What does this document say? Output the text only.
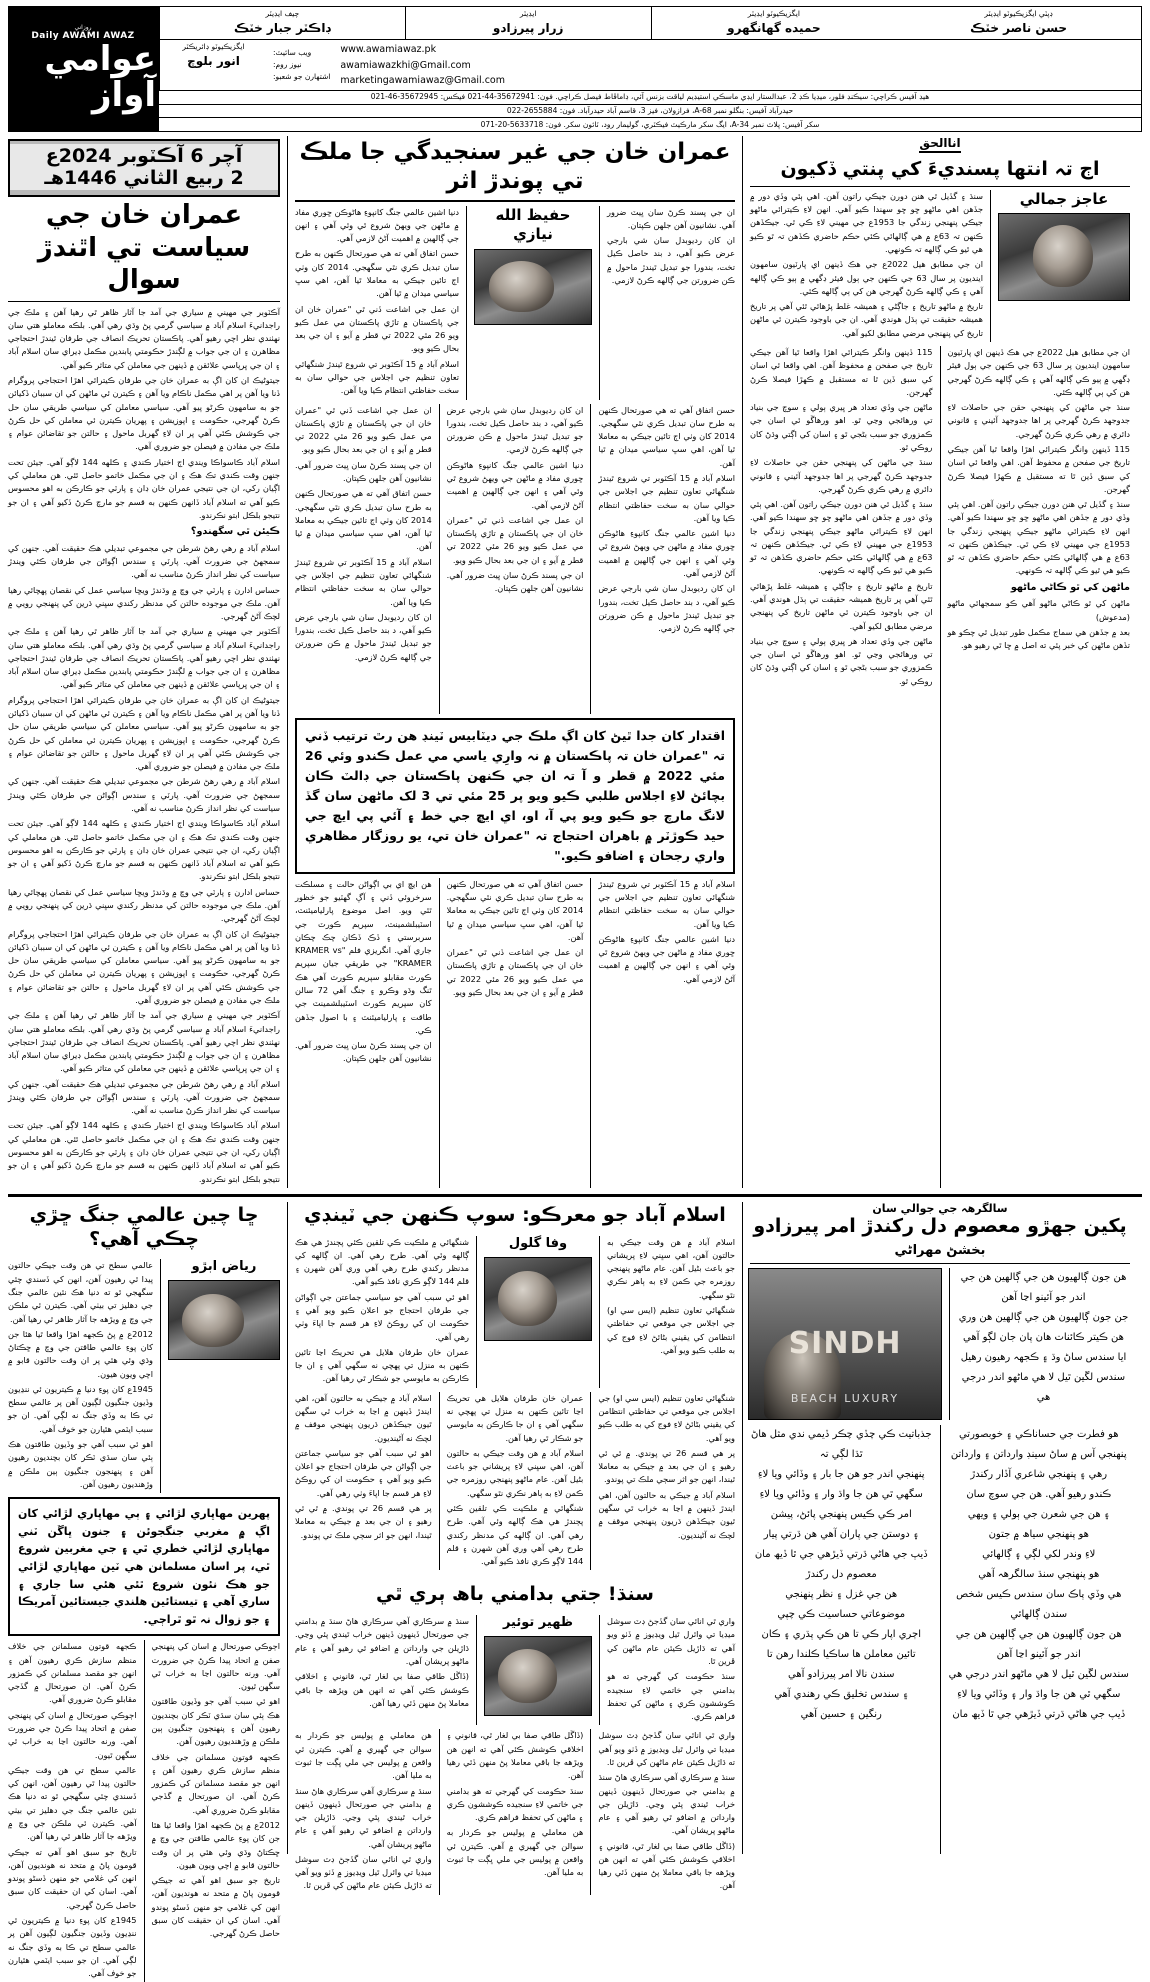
روزاني
Daily AWAMI AWAZ
عوامي آواز
چيف ايڊيٽر
ڊاڪٽر جبار خٽڪ
ايڊيٽر
زرار پيرزادو
ايگزيڪيوٽو ايڊيٽر
حميده گهانگهرو
ڊپٽي ايگزيڪيوٽو ايڊيٽر
حسن ناصر خٽڪ
ايگزيڪيوٽو ڊائريڪٽر
انور بلوچ
ويب سائيٽ:
نيوز روم:
اشتهارن جو شعبو:
www.awamiawaz.pk
awamiawazkhi@Gmail.com
marketingawamiawaz@Gmail.com
هيڊ آفيس ڪراچي: سيڪنڊ فلور، ميڊيا ڪڊ 2، عبدالستار ايڊي ماسڪي استيڊيم لياقت بزنس آئي، ڊاماڦاط فيصل ڪراچي. فون: 35672941-44-021 فيڪس: 35672945-46-021
حيدرآباد آفيس: بنگلو نمبر A-68، فرازولان، فيز 3، قاسم آباد حيدرآباد. فون: 2655884-022
سکر آفيس: پلاٽ نمبر A-34، ايگ سکر مارڪيٽ فيڪٽري، گوليمار رود، ٽائون سکر. فون: 5633718-20-071
آچر 6 آڪٽوبر 2024ع 2 ربيع الثاني 1446هـ
عمران خان جي سياست تي اٿندڙ سوال

آڪٽوبر جي مهيني ۾ سياري جي آمد جا آثار ظاهر ٿي رهيا آهن ۽ ملڪ جي راجدانيءَ اسلام آباد ۾ سياسي گرمي پڻ وڌي رهي آهي. بلڪه معاملو هتي سان نهٺندي نظر اچي رهيو آهي. پاڪستان تحريڪ انصاف جي طرفان ٿيندڙ احتجاجي مظاهرن ۽ ان جي جواب ۾ لڳندڙ حڪومتي پابندين مڪمل ڊيراي سان اسلام آباد ۽ ان جي ڀرپاسي علائقن ۾ ڏينهن جي معاملن کي متاثر ڪيو آهي.

جيتوڻيڪ ان کان اڳ به عمران خان جي طرفان ڪيترائي اهڙا احتجاجي پروگرام ڏنا ويا آهن پر اهي مڪمل ناڪام ويا آهن ۽ ڪيترن ئي ماڻهن کي ان سببان ڏکيائن جو به سامهون ڪرڻو پيو آهي. سياسي معاملن کي سياسي طريقي سان حل ڪرڻ گهرجي، حڪومت ۽ اپوزيشن ۽ پهريان ڪيترن ئي معاملن کي حل ڪرڻ جي ڪوشش ڪئي آهي پر ان لاءِ گهربل ماحول ۽ حالتن جو تقاضائن عوام ۽ ملڪ جي مفادن ۾ فيصلن جو ضروري آهي.

اسلام آباد ڪاسواڪا ويندي اڄ اختيار ڪندي ۽ ڪلهه 144 لاڳو آهي. جيئن تحت جنهن وقت ڪندي تڪ هڪ ۽ ان جي مڪمل خاتمو حاصل ٿئي. هن معاملي کي اڳيان رکي، ان جي نتيجي عمران خان ڊان ۽ پارٽي جو ڪارڪن به اهو محسوس ڪيو آهي ته اسلام آباد ڏانهن ڪنهن به قسم جو مارچ ڪرڻ ڏکيو آهي ۽ ان جو نتيجو بلڪل ابتو نڪرندو.

ڪيئن ٿي سگهندو؟

اسلام آباد ۾ رهي رهڻ شرطن جي مجموعي تبديلي هڪ حقيقت آهي. جنهن کي سمجهڻ جي ضرورت آهي. پارٽي ۽ سندس اڳواڻن جي طرفان ڪئي ويندڙ سياست کي نظر انداز ڪرڻ مناسب نه آهي.

حساس ادارن ۽ پارٽي جي وچ ۾ وڌندڙ ويڇا سياسي عمل کي نقصان پهچائي رهيا آهن. ملڪ جي موجوده حالتن کي مدنظر رکندي سڀني ڌرين کي پنهنجي رويي ۾ لچڪ آڻڻ گهرجي.

آڪٽوبر جي مهيني ۾ سياري جي آمد جا آثار ظاهر ٿي رهيا آهن ۽ ملڪ جي راجدانيءَ اسلام آباد ۾ سياسي گرمي پڻ وڌي رهي آهي. بلڪه معاملو هتي سان نهٺندي نظر اچي رهيو آهي. پاڪستان تحريڪ انصاف جي طرفان ٿيندڙ احتجاجي مظاهرن ۽ ان جي جواب ۾ لڳندڙ حڪومتي پابندين مڪمل ڊيراي سان اسلام آباد ۽ ان جي ڀرپاسي علائقن ۾ ڏينهن جي معاملن کي متاثر ڪيو آهي.

جيتوڻيڪ ان کان اڳ به عمران خان جي طرفان ڪيترائي اهڙا احتجاجي پروگرام ڏنا ويا آهن پر اهي مڪمل ناڪام ويا آهن ۽ ڪيترن ئي ماڻهن کي ان سببان ڏکيائن جو به سامهون ڪرڻو پيو آهي. سياسي معاملن کي سياسي طريقي سان حل ڪرڻ گهرجي، حڪومت ۽ اپوزيشن ۽ پهريان ڪيترن ئي معاملن کي حل ڪرڻ جي ڪوشش ڪئي آهي پر ان لاءِ گهربل ماحول ۽ حالتن جو تقاضائن عوام ۽ ملڪ جي مفادن ۾ فيصلن جو ضروري آهي.

اسلام آباد ۾ رهي رهڻ شرطن جي مجموعي تبديلي هڪ حقيقت آهي. جنهن کي سمجهڻ جي ضرورت آهي. پارٽي ۽ سندس اڳواڻن جي طرفان ڪئي ويندڙ سياست کي نظر انداز ڪرڻ مناسب نه آهي.

اسلام آباد ڪاسواڪا ويندي اڄ اختيار ڪندي ۽ ڪلهه 144 لاڳو آهي. جيئن تحت جنهن وقت ڪندي تڪ هڪ ۽ ان جي مڪمل خاتمو حاصل ٿئي. هن معاملي کي اڳيان رکي، ان جي نتيجي عمران خان ڊان ۽ پارٽي جو ڪارڪن به اهو محسوس ڪيو آهي ته اسلام آباد ڏانهن ڪنهن به قسم جو مارچ ڪرڻ ڏکيو آهي ۽ ان جو نتيجو بلڪل ابتو نڪرندو.

حساس ادارن ۽ پارٽي جي وچ ۾ وڌندڙ ويڇا سياسي عمل کي نقصان پهچائي رهيا آهن. ملڪ جي موجوده حالتن کي مدنظر رکندي سڀني ڌرين کي پنهنجي رويي ۾ لچڪ آڻڻ گهرجي.

جيتوڻيڪ ان کان اڳ به عمران خان جي طرفان ڪيترائي اهڙا احتجاجي پروگرام ڏنا ويا آهن پر اهي مڪمل ناڪام ويا آهن ۽ ڪيترن ئي ماڻهن کي ان سببان ڏکيائن جو به سامهون ڪرڻو پيو آهي. سياسي معاملن کي سياسي طريقي سان حل ڪرڻ گهرجي، حڪومت ۽ اپوزيشن ۽ پهريان ڪيترن ئي معاملن کي حل ڪرڻ جي ڪوشش ڪئي آهي پر ان لاءِ گهربل ماحول ۽ حالتن جو تقاضائن عوام ۽ ملڪ جي مفادن ۾ فيصلن جو ضروري آهي.

آڪٽوبر جي مهيني ۾ سياري جي آمد جا آثار ظاهر ٿي رهيا آهن ۽ ملڪ جي راجدانيءَ اسلام آباد ۾ سياسي گرمي پڻ وڌي رهي آهي. بلڪه معاملو هتي سان نهٺندي نظر اچي رهيو آهي. پاڪستان تحريڪ انصاف جي طرفان ٿيندڙ احتجاجي مظاهرن ۽ ان جي جواب ۾ لڳندڙ حڪومتي پابندين مڪمل ڊيراي سان اسلام آباد ۽ ان جي ڀرپاسي علائقن ۾ ڏينهن جي معاملن کي متاثر ڪيو آهي.

اسلام آباد ۾ رهي رهڻ شرطن جي مجموعي تبديلي هڪ حقيقت آهي. جنهن کي سمجهڻ جي ضرورت آهي. پارٽي ۽ سندس اڳواڻن جي طرفان ڪئي ويندڙ سياست کي نظر انداز ڪرڻ مناسب نه آهي.

اسلام آباد ڪاسواڪا ويندي اڄ اختيار ڪندي ۽ ڪلهه 144 لاڳو آهي. جيئن تحت جنهن وقت ڪندي تڪ هڪ ۽ ان جي مڪمل خاتمو حاصل ٿئي. هن معاملي کي اڳيان رکي، ان جي نتيجي عمران خان ڊان ۽ پارٽي جو ڪارڪن به اهو محسوس ڪيو آهي ته اسلام آباد ڏانهن ڪنهن به قسم جو مارچ ڪرڻ ڏکيو آهي ۽ ان جو نتيجو بلڪل ابتو نڪرندو.

عمران خان جي غير سنجيدگي جا ملڪ تي پوندڙ اثر

دنيا اشين عالمي جنگ کانپوءِ هاڻوڪن ڇوري مفاد ۾ ماڻهن جي ويهڻ شروع ٿي وئي آهي ۽ انهن جي ڳالهين ۾ اهميت آڻڻ لازمي آهي.

حسن اتفاق آهي ته هي صورتحال ڪنهن به طرح سان تبديل ڪري نٿي سگهجي. 2014 کان وٺي اڄ تائين جيڪي به معاملا ٿيا آهن، اهي سڀ سياسي ميدان ۾ ٿيا آهن.

ان عمل جي اشاعت ڏني ٿي "عمران خان ان جي پاڪستان ۾ تاڙي پاڪستان مي عمل ڪيو ويو 26 مئي 2022 تي قطر ۾ آيو ۽ ان جي بعد بحال ڪيو ويو.

اسلام آباد ۾ 15 آڪٽوبر تي شروع ٿيندڙ شنگهائي تعاون تنظيم جي اجلاس جي حوالي سان به سخت حفاظتي انتظام ڪيا ويا آهن.

حفيظ الله نيازي

ان جي پسند ڪرڻ سان ڀيٽ ضرور آهي. نشانيون آهن جلهن ڪپتان.

ان کان رديوبدل سان شي بارجي عرض ڪيو آهي، د بند حاصل ڪيل تخت، بندورا جو تبديل ٿيندڙ ماحول ۾ ڪن ضرورتن جي ڳالهه ڪرڻ لازمي.

ان عمل جي اشاعت ڏني ٿي "عمران خان ان جي پاڪستان ۾ تاڙي پاڪستان مي عمل ڪيو ويو 26 مئي 2022 تي قطر ۾ آيو ۽ ان جي بعد بحال ڪيو ويو.

ان جي پسند ڪرڻ سان ڀيٽ ضرور آهي. نشانيون آهن جلهن ڪپتان.

حسن اتفاق آهي ته هي صورتحال ڪنهن به طرح سان تبديل ڪري نٿي سگهجي. 2014 کان وٺي اڄ تائين جيڪي به معاملا ٿيا آهن، اهي سڀ سياسي ميدان ۾ ٿيا آهن.

اسلام آباد ۾ 15 آڪٽوبر تي شروع ٿيندڙ شنگهائي تعاون تنظيم جي اجلاس جي حوالي سان به سخت حفاظتي انتظام ڪيا ويا آهن.

ان کان رديوبدل سان شي بارجي عرض ڪيو آهي، د بند حاصل ڪيل تخت، بندورا جو تبديل ٿيندڙ ماحول ۾ ڪن ضرورتن جي ڳالهه ڪرڻ لازمي.

ان کان رديوبدل سان شي بارجي عرض ڪيو آهي، د بند حاصل ڪيل تخت، بندورا جو تبديل ٿيندڙ ماحول ۾ ڪن ضرورتن جي ڳالهه ڪرڻ لازمي.

دنيا اشين عالمي جنگ کانپوءِ هاڻوڪن ڇوري مفاد ۾ ماڻهن جي ويهڻ شروع ٿي وئي آهي ۽ انهن جي ڳالهين ۾ اهميت آڻڻ لازمي آهي.

ان عمل جي اشاعت ڏني ٿي "عمران خان ان جي پاڪستان ۾ تاڙي پاڪستان مي عمل ڪيو ويو 26 مئي 2022 تي قطر ۾ آيو ۽ ان جي بعد بحال ڪيو ويو.

ان جي پسند ڪرڻ سان ڀيٽ ضرور آهي. نشانيون آهن جلهن ڪپتان.

حسن اتفاق آهي ته هي صورتحال ڪنهن به طرح سان تبديل ڪري نٿي سگهجي. 2014 کان وٺي اڄ تائين جيڪي به معاملا ٿيا آهن، اهي سڀ سياسي ميدان ۾ ٿيا آهن.

اسلام آباد ۾ 15 آڪٽوبر تي شروع ٿيندڙ شنگهائي تعاون تنظيم جي اجلاس جي حوالي سان به سخت حفاظتي انتظام ڪيا ويا آهن.

دنيا اشين عالمي جنگ کانپوءِ هاڻوڪن ڇوري مفاد ۾ ماڻهن جي ويهڻ شروع ٿي وئي آهي ۽ انهن جي ڳالهين ۾ اهميت آڻڻ لازمي آهي.

ان کان رديوبدل سان شي بارجي عرض ڪيو آهي، د بند حاصل ڪيل تخت، بندورا جو تبديل ٿيندڙ ماحول ۾ ڪن ضرورتن جي ڳالهه ڪرڻ لازمي.

اقتدار کان جدا ٿيڻ کان اڳ ملڪ جي ديٽابيس ٽينڊ هن رٿ ترتيب ڏني تہ "عمران خان تہ پاڪستان ۾ نہ وارِي ياسي مي عمل ڪندو وئي 26 مئي 2022 ۾ قطر و آ تہ ان جي ڪنهن پاڪستان جي ڊالٽ ڪان بچائڻ لاءِ اجلاس طلبي ڪيو ويو پر 25 مئي تي 3 لک ماڻهن سان گڏ لانگ مارچ جو ڪيو ويو پي آ، او، اي ايڇ جي خط ۽ آئي پي ايڇ جي حيد ڪوڙٽر ۾ باهران احتجاج تہ "عمران خان تي، يو روزگار مظاهري واري رجحان ۽ اضافو ڪيو."

هن ايڇ اي بي اڳواڻن حالت ۽ مسلڪت سرخروئي ڏني ۽ آڳ گهٽيو جو خظور ٿئي ويو. اصل موضوع پارلياميئنٽ، اسٽيبلشمينٽ، سپريم ڪورٽ جي سربرستي ۽ ڏڪ ڏڪان چڪ چڪان جاري آهي. انگريزي فلم "KRAMER vs KRAMER" جي طريقي جيان سپريم ڪورٽ مقابلو سپريم ڪورٽ آهي هڪ ٿنگ وڌو وڪرو ۽ جنگ آهي 72 سالن کان سپريم ڪورٽ اسٽيبلشمينٽ جي طاقت ۽ پارلياميئنٽ ۽ با اصول جڏهن ڪي.

ان جي پسند ڪرڻ سان ڀيٽ ضرور آهي. نشانيون آهن جلهن ڪپتان.

حسن اتفاق آهي ته هي صورتحال ڪنهن به طرح سان تبديل ڪري نٿي سگهجي. 2014 کان وٺي اڄ تائين جيڪي به معاملا ٿيا آهن، اهي سڀ سياسي ميدان ۾ ٿيا آهن.

ان عمل جي اشاعت ڏني ٿي "عمران خان ان جي پاڪستان ۾ تاڙي پاڪستان مي عمل ڪيو ويو 26 مئي 2022 تي قطر ۾ آيو ۽ ان جي بعد بحال ڪيو ويو.

اسلام آباد ۾ 15 آڪٽوبر تي شروع ٿيندڙ شنگهائي تعاون تنظيم جي اجلاس جي حوالي سان به سخت حفاظتي انتظام ڪيا ويا آهن.

دنيا اشين عالمي جنگ کانپوءِ هاڻوڪن ڇوري مفاد ۾ ماڻهن جي ويهڻ شروع ٿي وئي آهي ۽ انهن جي ڳالهين ۾ اهميت آڻڻ لازمي آهي.

اناالحق
اڄ تہ انتها پسنديءَ کي پنتي ڏکيون

سنڌ ۽ گڏيل ٿي هنن دورن جيڪي راتون آهن. اهي ٻئي وڏي دور ۾ جڏهن اهي ماڻهو ڇو ڇو سهندا ڪيو آهي. انهن لاءِ ڪيترائي ماڻهو جيڪي پنهنجي زندگي جا 1953ع جي مهيني لاءِ ڪي ٿي. جيڪڏهن ڪنهن تہ 63ع ۾ هي ڳالهائي ڪئي حڪم حاضري ڪڏهن تہ ٿو ڪيو هي ٿيو ڪي ڳالهه تہ ڪونهي.

ان جي مطابق هيل 2022ع جي هڪ ڏينهن اي پارٽيون سامهون اينديون پر سال 63 جي ڪنهن جي ٻول فيئر ڊگهي ۾ ٻيو ڪي ڳالهه آهي ۽ ڪي ڳالهه ڪرڻ گهرجي هن کي ٻي ڳالهه ڪئي.

تاريخ ۾ ماڻهو تاريخ ۽ جاڳڻي ۽ هميشہ غلط پڙهائي ٿئي آهي پر تاريخ هميشہ حقيقت تي ٻڌل هوندي آهي. ان جي باوجود ڪيترن ئي ماڻهن تاريخ کي پنهنجي مرضي مطابق لکيو آهي.

عاجز جمالي

115 ڏينهن وانگر ڪيترائي اهڙا واقعا ٿيا آهن جيڪي تاريخ جي صفحن ۾ محفوظ آهن. اهي واقعا ئي اسان کي سبق ڏين ٿا ته مستقبل ۾ ڪهڙا فيصلا ڪرڻ گهرجن.

ماڻهن جي وڏي تعداد هر ڀيري ٻولي ۽ سوچ جي بنياد تي ورهائجي وڃي ٿو. اهو ورهاڱو ئي اسان جي ڪمزوري جو سبب بڻجي ٿو ۽ اسان کي اڳتي وڌڻ کان روڪي ٿو.

سنڌ جي ماڻهن کي پنهنجي حقن جي حاصلات لاءِ جدوجهد ڪرڻ گهرجي پر اها جدوجهد آئيني ۽ قانوني دائري ۾ رهي ڪري ڪرڻ گهرجي.

سنڌ ۽ گڏيل ٿي هنن دورن جيڪي راتون آهن. اهي ٻئي وڏي دور ۾ جڏهن اهي ماڻهو ڇو ڇو سهندا ڪيو آهي. انهن لاءِ ڪيترائي ماڻهو جيڪي پنهنجي زندگي جا 1953ع جي مهيني لاءِ ڪي ٿي. جيڪڏهن ڪنهن تہ 63ع ۾ هي ڳالهائي ڪئي حڪم حاضري ڪڏهن تہ ٿو ڪيو هي ٿيو ڪي ڳالهه تہ ڪونهي.

تاريخ ۾ ماڻهو تاريخ ۽ جاڳڻي ۽ هميشہ غلط پڙهائي ٿئي آهي پر تاريخ هميشہ حقيقت تي ٻڌل هوندي آهي. ان جي باوجود ڪيترن ئي ماڻهن تاريخ کي پنهنجي مرضي مطابق لکيو آهي.

ماڻهن جي وڏي تعداد هر ڀيري ٻولي ۽ سوچ جي بنياد تي ورهائجي وڃي ٿو. اهو ورهاڱو ئي اسان جي ڪمزوري جو سبب بڻجي ٿو ۽ اسان کي اڳتي وڌڻ کان روڪي ٿو.

ان جي مطابق هيل 2022ع جي هڪ ڏينهن اي پارٽيون سامهون اينديون پر سال 63 جي ڪنهن جي ٻول فيئر ڊگهي ۾ ٻيو ڪي ڳالهه آهي ۽ ڪي ڳالهه ڪرڻ گهرجي هن کي ٻي ڳالهه ڪئي.

سنڌ جي ماڻهن کي پنهنجي حقن جي حاصلات لاءِ جدوجهد ڪرڻ گهرجي پر اها جدوجهد آئيني ۽ قانوني دائري ۾ رهي ڪري ڪرڻ گهرجي.

115 ڏينهن وانگر ڪيترائي اهڙا واقعا ٿيا آهن جيڪي تاريخ جي صفحن ۾ محفوظ آهن. اهي واقعا ئي اسان کي سبق ڏين ٿا ته مستقبل ۾ ڪهڙا فيصلا ڪرڻ گهرجن.

سنڌ ۽ گڏيل ٿي هنن دورن جيڪي راتون آهن. اهي ٻئي وڏي دور ۾ جڏهن اهي ماڻهو ڇو ڇو سهندا ڪيو آهي. انهن لاءِ ڪيترائي ماڻهو جيڪي پنهنجي زندگي جا 1953ع جي مهيني لاءِ ڪي ٿي. جيڪڏهن ڪنهن تہ 63ع ۾ هي ڳالهائي ڪئي حڪم حاضري ڪڏهن تہ ٿو ڪيو هي ٿيو ڪي ڳالهه تہ ڪونهي.

ماڻهن کي ٿو ڪاڻي ماڻهو

ماڻهن کي ٿو ڪاڻي ماڻهو آهي ڪو سمجهائي ماڻهو (مدعوش)

بعد ۾ جڏهن هي سماج مڪمل طور تبديل ٿي چڪو هو تڏهن ماڻهن کي خبر پئي ته اصل ۾ ڇا ٿي رهيو هو.

ڇا چين عالمي جنگ ڇڙي چڪي آهي؟

عالمي سطح تي هن وقت جيڪي حالتون پيدا ٿي رهيون آهن، انهن کي ڏسندي چئي سگهجي ٿو ته دنيا هڪ نئين عالمي جنگ جي دهليز تي بيٺي آهي. ڪيترن ئي ملڪن جي وچ ۾ ويڙهه جا آثار ظاهر ٿي رهيا آهن.

2012ع ۾ پڻ ڪجهه اهڙا واقعا ٿيا هئا جن کان پوءِ عالمي طاقتن جي وچ ۾ ڇڪتاڻ وڌي وئي هئي پر ان وقت حالتون قابو ۾ اچي ويون هيون.

1945ع کان پوءِ دنيا ۾ ڪيتريون ئي ننڍيون وڏيون جنگيون لڳيون آهن پر عالمي سطح تي ڪا به وڏي جنگ نه لڳي آهي. ان جو سبب ايٽمي هٿيارن جو خوف آهي.

اهو ئي سبب آهي جو وڏيون طاقتون هڪ ٻئي سان سڌي ٽڪر کان بچنديون رهيون آهن ۽ پنهنجون جنگيون ٻين ملڪن ۾ وڙهنديون رهيون آهن.

رياض ابڙو
پهرين مهاڀاري لڙائي ۽ ٻي مهاڀاري لڙائي کان اڳ ۾ مغربي جنگجوئن ۽ جنون ڀاڱن ٽني مهاڀاري لڙائي خطري ٿي ۽ جي مغربين شروع ٿي، پر اسان مسلمانن هي ٽين مهاڀاري لڙائي جو هڪ نئون شروع ٿئي هئي سا جاري ۽ ساري آهي ۽ تيستائين هلندي جيستائين آمريڪا ۽ جو زوال نہ ٿو ٿراڄي.

ڪجهه قوتون مسلمانن جي خلاف منظم سازش ڪري رهيون آهن ۽ انهن جو مقصد مسلمانن کي ڪمزور ڪرڻ آهي. ان صورتحال ۾ گڏجي مقابلو ڪرڻ ضروري آهي.

اڄوڪي صورتحال ۾ اسان کي پنهنجي صفن ۾ اتحاد پيدا ڪرڻ جي ضرورت آهي. ورنه حالتون اڃا به خراب ٿي سگهن ٿيون.

عالمي سطح تي هن وقت جيڪي حالتون پيدا ٿي رهيون آهن، انهن کي ڏسندي چئي سگهجي ٿو ته دنيا هڪ نئين عالمي جنگ جي دهليز تي بيٺي آهي. ڪيترن ئي ملڪن جي وچ ۾ ويڙهه جا آثار ظاهر ٿي رهيا آهن.

تاريخ جو سبق اهو آهي ته جيڪي قومون پاڻ ۾ متحد نه هونديون آهن، انهن کي غلامي جو منهن ڏسڻو پوندو آهي. اسان کي ان حقيقت کان سبق حاصل ڪرڻ گهرجي.

1945ع کان پوءِ دنيا ۾ ڪيتريون ئي ننڍيون وڏيون جنگيون لڳيون آهن پر عالمي سطح تي ڪا به وڏي جنگ نه لڳي آهي. ان جو سبب ايٽمي هٿيارن جو خوف آهي.

اڄوڪي صورتحال ۾ اسان کي پنهنجي صفن ۾ اتحاد پيدا ڪرڻ جي ضرورت آهي. ورنه حالتون اڃا به خراب ٿي سگهن ٿيون.

اهو ئي سبب آهي جو وڏيون طاقتون هڪ ٻئي سان سڌي ٽڪر کان بچنديون رهيون آهن ۽ پنهنجون جنگيون ٻين ملڪن ۾ وڙهنديون رهيون آهن.

ڪجهه قوتون مسلمانن جي خلاف منظم سازش ڪري رهيون آهن ۽ انهن جو مقصد مسلمانن کي ڪمزور ڪرڻ آهي. ان صورتحال ۾ گڏجي مقابلو ڪرڻ ضروري آهي.

2012ع ۾ پڻ ڪجهه اهڙا واقعا ٿيا هئا جن کان پوءِ عالمي طاقتن جي وچ ۾ ڇڪتاڻ وڌي وئي هئي پر ان وقت حالتون قابو ۾ اچي ويون هيون.

تاريخ جو سبق اهو آهي ته جيڪي قومون پاڻ ۾ متحد نه هونديون آهن، انهن کي غلامي جو منهن ڏسڻو پوندو آهي. اسان کي ان حقيقت کان سبق حاصل ڪرڻ گهرجي.

اسلام آباد جو معرڪو: سوپ ڪنهن جي ٽينڊي

شنگهائي ۾ ملڪيت ڪي تلقين ڪئي پڄندڙ هي هڪ ڳالهه وئي آهي. طرح رهي آهي. ان ڳالهه کي مدنظر رکندي طرح رهي آهي وري آهن شهرن ۽ قلم 144 لاڳو ڪري نافذ ڪيو آهي.

اهو ئي سبب آهي جو سياسي جماعتن جي اڳواڻن جي طرفان احتجاج جو اعلان ڪيو ويو آهي ۽ حڪومت ان کي روڪڻ لاءِ هر قسم جا اپاءَ وٺي رهي آهي.

عمران خان طرفان هلايل هي تحريڪ اڃا تائين ڪنهن به منزل تي پهچي نه سگهي آهي ۽ ان جا ڪارڪن به مايوسي جو شڪار ٿي رهيا آهن.

وفا گلول	اسلام آباد ۾ هن وقت جيڪي به حالتون آهن، اهي سڀني لاءِ پريشاني جو باعث بڻيل آهن. عام ماڻهو پنهنجي روزمره جي ڪمن لاءِ به ٻاهر نڪري نٿو سگهي.

شنگهائي تعاون تنظيم (ايس سي او) جي اجلاس جي موقعي تي حفاظتي انتظامن کي يقيني بڻائڻ لاءِ فوج کي به طلب ڪيو ويو آهي.

اسلام آباد ۾ جيڪي به حالتون آهن، اهي ايندڙ ڏينهن ۾ اڃا به خراب ٿي سگهن ٿيون جيڪڏهن ڌريون پنهنجي موقف ۾ لچڪ نه آڻينديون.

اهو ئي سبب آهي جو سياسي جماعتن جي اڳواڻن جي طرفان احتجاج جو اعلان ڪيو ويو آهي ۽ حڪومت ان کي روڪڻ لاءِ هر قسم جا اپاءَ وٺي رهي آهي.

پر هي قسم 26 تي پوندي. ۾ ٿي ئي رهيو ۽ ان جي بعد ۾ جيڪي به معاملا ٿيندا، انهن جو اثر سڄي ملڪ تي پوندو.

عمران خان طرفان هلايل هي تحريڪ اڃا تائين ڪنهن به منزل تي پهچي نه سگهي آهي ۽ ان جا ڪارڪن به مايوسي جو شڪار ٿي رهيا آهن.

اسلام آباد ۾ هن وقت جيڪي به حالتون آهن، اهي سڀني لاءِ پريشاني جو باعث بڻيل آهن. عام ماڻهو پنهنجي روزمره جي ڪمن لاءِ به ٻاهر نڪري نٿو سگهي.

شنگهائي ۾ ملڪيت ڪي تلقين ڪئي پڄندڙ هي هڪ ڳالهه وئي آهي. طرح رهي آهي. ان ڳالهه کي مدنظر رکندي طرح رهي آهي وري آهن شهرن ۽ قلم 144 لاڳو ڪري نافذ ڪيو آهي.

شنگهائي تعاون تنظيم (ايس سي او) جي اجلاس جي موقعي تي حفاظتي انتظامن کي يقيني بڻائڻ لاءِ فوج کي به طلب ڪيو ويو آهي.

پر هي قسم 26 تي پوندي. ۾ ٿي ئي رهيو ۽ ان جي بعد ۾ جيڪي به معاملا ٿيندا، انهن جو اثر سڄي ملڪ تي پوندو.

اسلام آباد ۾ جيڪي به حالتون آهن، اهي ايندڙ ڏينهن ۾ اڃا به خراب ٿي سگهن ٿيون جيڪڏهن ڌريون پنهنجي موقف ۾ لچڪ نه آڻينديون.

سنڌ! جتي بدامني باھ ٻري ٿي

سنڌ ۾ سرڪاري آهي سرڪاري هاڻ سنڌ ۾ بدامني جي صورتحال ڏينهون ڏينهن خراب ٿيندي پئي وڃي. ڌاڙيلن جي وارداتن ۾ اضافو ٿي رهيو آهي ۽ عام ماڻهو پريشان آهي.

(ڏاڱل طاقي صفا بي لغار ٿي، قانوني ۽ اخلاقي ڪوشش ڪئي آهي ته انهن هن ويڙهه جا باقي معاملا پڻ منهن ڏئي رهيا آهن.

ظهير توئير	واري ٿي انائي سان گڏجڻ ڊٽ سوشل ميڊيا تي وائرل ٿيل ويڊيوز ۾ ڏٺو ويو آهي ته ڌاڙيل ڪيئن عام ماڻهن کي ڦرين ٿا.

سنڌ حڪومت کي گهرجي ته هو بدامني جي خاتمي لاءِ سنجيده ڪوششون ڪري ۽ ماڻهن کي تحفظ فراهم ڪري.

هن معاملي ۾ پوليس جو ڪردار به سوالن جي گهيري ۾ آهي. ڪيترن ئي واقعن ۾ پوليس جي ملي ڀڳت جا ثبوت به مليا آهن.

سنڌ ۾ سرڪاري آهي سرڪاري هاڻ سنڌ ۾ بدامني جي صورتحال ڏينهون ڏينهن خراب ٿيندي پئي وڃي. ڌاڙيلن جي وارداتن ۾ اضافو ٿي رهيو آهي ۽ عام ماڻهو پريشان آهي.

واري ٿي انائي سان گڏجڻ ڊٽ سوشل ميڊيا تي وائرل ٿيل ويڊيوز ۾ ڏٺو ويو آهي ته ڌاڙيل ڪيئن عام ماڻهن کي ڦرين ٿا.

(ڏاڱل طاقي صفا بي لغار ٿي، قانوني ۽ اخلاقي ڪوشش ڪئي آهي ته انهن هن ويڙهه جا باقي معاملا پڻ منهن ڏئي رهيا آهن.

سنڌ حڪومت کي گهرجي ته هو بدامني جي خاتمي لاءِ سنجيده ڪوششون ڪري ۽ ماڻهن کي تحفظ فراهم ڪري.

هن معاملي ۾ پوليس جو ڪردار به سوالن جي گهيري ۾ آهي. ڪيترن ئي واقعن ۾ پوليس جي ملي ڀڳت جا ثبوت به مليا آهن.

واري ٿي انائي سان گڏجڻ ڊٽ سوشل ميڊيا تي وائرل ٿيل ويڊيوز ۾ ڏٺو ويو آهي ته ڌاڙيل ڪيئن عام ماڻهن کي ڦرين ٿا.

سنڌ ۾ سرڪاري آهي سرڪاري هاڻ سنڌ ۾ بدامني جي صورتحال ڏينهون ڏينهن خراب ٿيندي پئي وڃي. ڌاڙيلن جي وارداتن ۾ اضافو ٿي رهيو آهي ۽ عام ماڻهو پريشان آهي.

(ڏاڱل طاقي صفا بي لغار ٿي، قانوني ۽ اخلاقي ڪوشش ڪئي آهي ته انهن هن ويڙهه جا باقي معاملا پڻ منهن ڏئي رهيا آهن.

سالگرهہ جي جوالي سان
پکين جهڙو معصوم دل رکندڙ امر پيرزادو
بخشڻ مهراڻي
SINDH
BEACH LUXURY
هن جون ڳالهيون هن جي ڳالهين هن جي اندر جو آئينو اڃا آهن
جن جون ڳالهيون هن جي ڳالهين هن وري هن ڪيتر ڪائنات هان پان جان لڳو آهي
ايا سندس ساڻ وڌ ۽ ڪجهہ رهيون رهيل
سندس لڱين ٿيل لا هي ماڻهو اندر درجي هي
جذباتيت ڪي چڏي چڪر ڏيمي ندي مثل هاڻ ٿڌا لڳي تہ
پنهنجي اندر جو هن جا بار ۽ وڏائي ويا لاءِ
سگهي ٿي هن جا واڌ وار ۽ وڏائي ويا لاءِ
امر ڪي ڪيس پنهنجي پائڻ، پيشن
۽ دوستن جي پاران آهي هن ڌرتي پيار
ڏيپ جي هاڻي ڌرتي ڏيڙهي جي ٿا ڏيھ مان
معصوم دل رکندڙ
هن جي غزل ۽ نظر پنهنجي
موضوعاتي حساسيت ڪي چپي
اڄري اپار ڪي تا هن ڪي پڌري ۽ ڪان
تائين معاملن ها ساڪيا ڪلندا رهن تا
سندن نالا امر پيرزادو آهي
۽ سندس تخليق ڪي رهندي آهي
رنگين ۽ حسين آهي
هو فطرت جي حساناڪي ۽ خوبصورتي
پنهنجي آس ۾ ساڻ سينڊ وارداتن ۽ وارداتن
رهي ۽ پنهنجي شاعري آڏار رکندڙ
ڪندو رهيو آهي. هن جي سوچ سان
۽ هن جي شعرن جي ٻولي ۽ ويهي
هو پنهنجي سياھ ۾ جتون
لاءِ وندر لکي لڳي ۽ ڳالهائي
هو پنهنجي سنڌ سالگرهہ آهي
هي وڏي پاڪ سان سندس ڪيس شخص
سندن ڳالهائي
هن جون ڳالهيون هن جي ڳالهين هن جي اندر جو آئينو اڃا آهن
سندس لڱين ٿيل لا هي ماڻهو اندر درجي هي
سگهي ٿي هن جا واڌ وار ۽ وڏائي ويا لاءِ
ڏيپ جي هاڻي ڌرتي ڏيڙهي جي ٿا ڏيھ مان
